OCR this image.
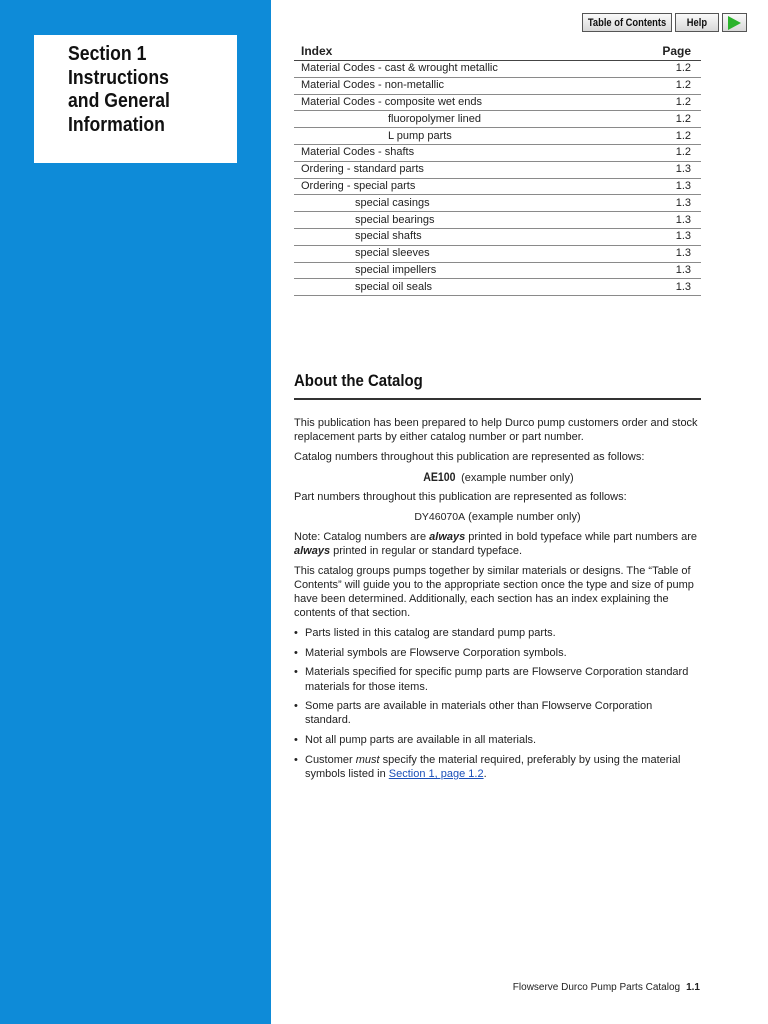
Section 1
Instructions
and General
Information
Table of Contents Help
Index	Page
Material Codes - cast & wrought metallic	1.2
Material Codes - non-metallic	1.2
Material Codes - composite wet ends	1.2
fluoropolymer lined	1.2
L pump parts	1.2
Material Codes - shafts	1.2
Ordering - standard parts	1.3
Ordering - special parts	1.3
special casings	1.3
special bearings	1.3
special shafts	1.3
special sleeves	1.3
special impellers	1.3
special oil seals	1.3
About the Catalog

This publication has been prepared to help Durco pump customers order and stock replacement parts by either catalog number or part number.

Catalog numbers throughout this publication are represented as follows:

AE100 (example number only)

Part numbers throughout this publication are represented as follows:

DY46070A (example number only)

Note: Catalog numbers are always printed in bold typeface while part numbers are always printed in regular or standard typeface.

This catalog groups pumps together by similar materials or designs. The “Table of Contents” will guide you to the appropriate section once the type and size of pump have been determined. Additionally, each section has an index explaining the contents of that section.

• Parts listed in this catalog are standard pump parts.
• Material symbols are Flowserve Corporation symbols.
• Materials specified for specific pump parts are Flowserve Corporation standard materials for those items.
• Some parts are available in materials other than Flowserve Corporation standard.
• Not all pump parts are available in all materials.
• Customer must specify the material required, preferably by using the material symbols listed in Section 1, page 1.2.
Flowserve Durco Pump Parts Catalog 1.1
